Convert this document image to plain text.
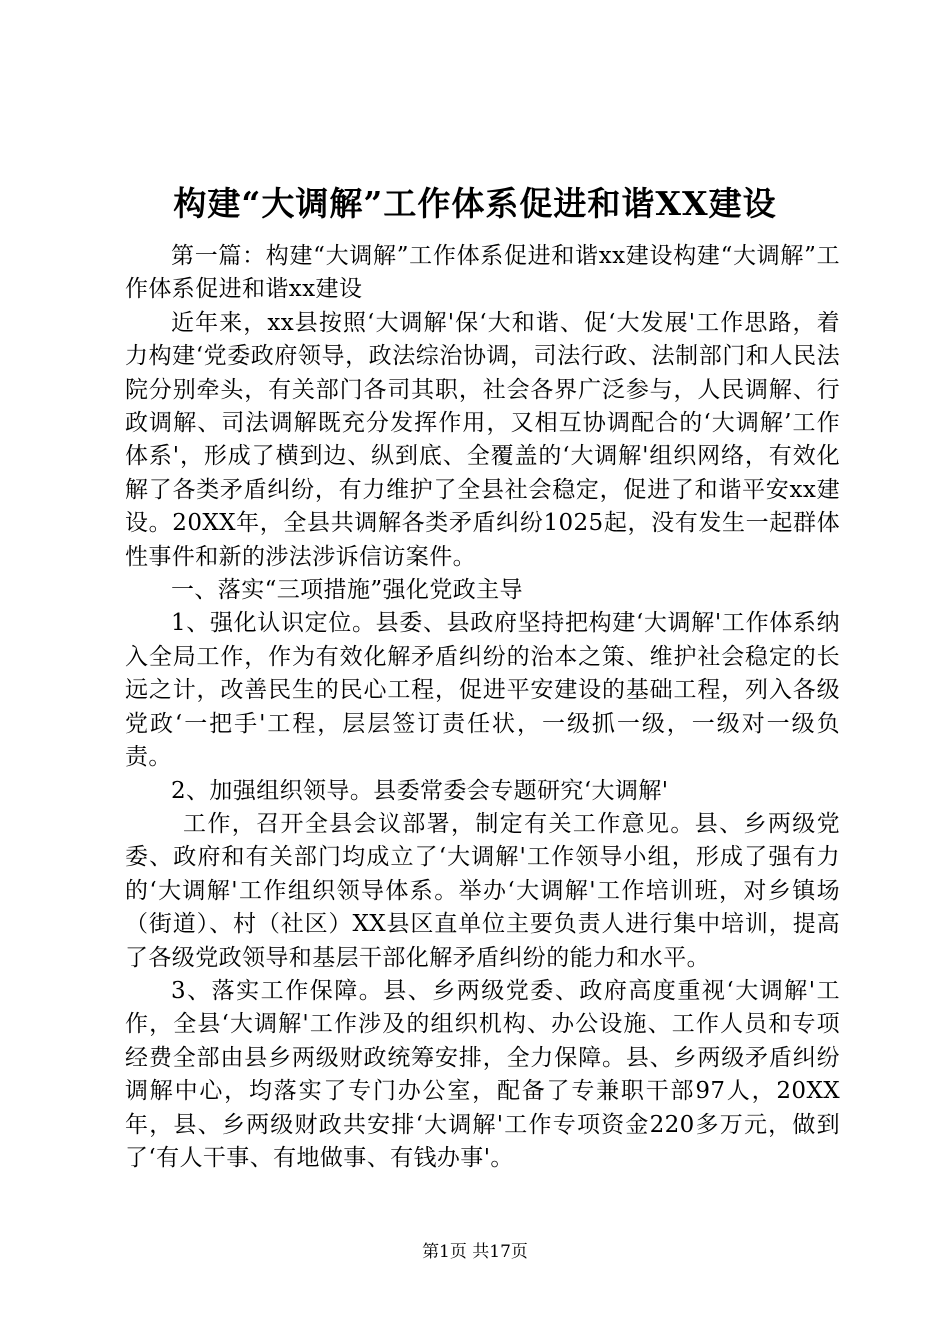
构建“大调解”工作体系促进和谐XX建设

第一篇：构建“大调解”工作体系促进和谐xx建设构建“大调解”工作体系促进和谐xx建设

近年来，xx县按照‘大调解'保‘大和谐、促‘大发展'工作思路，着力构建‘党委政府领导，政法综治协调，司法行政、法制部门和人民法院分别牵头，有关部门各司其职，社会各界广泛参与，人民调解、行政调解、司法调解既充分发挥作用，又相互协调配合的‘大调解’工作体系'，形成了横到边、纵到底、全覆盖的‘大调解'组织网络，有效化解了各类矛盾纠纷，有力维护了全县社会稳定，促进了和谐平安xx建设。20XX年，全县共调解各类矛盾纠纷1025起，没有发生一起群体性事件和新的涉法涉诉信访案件。

一、落实“三项措施”强化党政主导

1、强化认识定位。县委、县政府坚持把构建‘大调解'工作体系纳入全局工作，作为有效化解矛盾纠纷的治本之策、维护社会稳定的长远之计，改善民生的民心工程，促进平安建设的基础工程，列入各级党政‘一把手'工程，层层签订责任状，一级抓一级，一级对一级负责。

2、加强组织领导。县委常委会专题研究‘大调解'

工作，召开全县会议部署，制定有关工作意见。县、乡两级党委、政府和有关部门均成立了‘大调解'工作领导小组，形成了强有力的‘大调解'工作组织领导体系。举办‘大调解'工作培训班，对乡镇场（街道）、村（社区）XX县区直单位主要负责人进行集中培训，提高了各级党政领导和基层干部化解矛盾纠纷的能力和水平。

3、落实工作保障。县、乡两级党委、政府高度重视‘大调解'工作，全县‘大调解'工作涉及的组织机构、办公设施、工作人员和专项经费全部由县乡两级财政统筹安排，全力保障。县、乡两级矛盾纠纷调解中心，均落实了专门办公室，配备了专兼职干部97人，20XX年，县、乡两级财政共安排‘大调解'工作专项资金220多万元，做到了‘有人干事、有地做事、有钱办事'。

第1页 共17页
